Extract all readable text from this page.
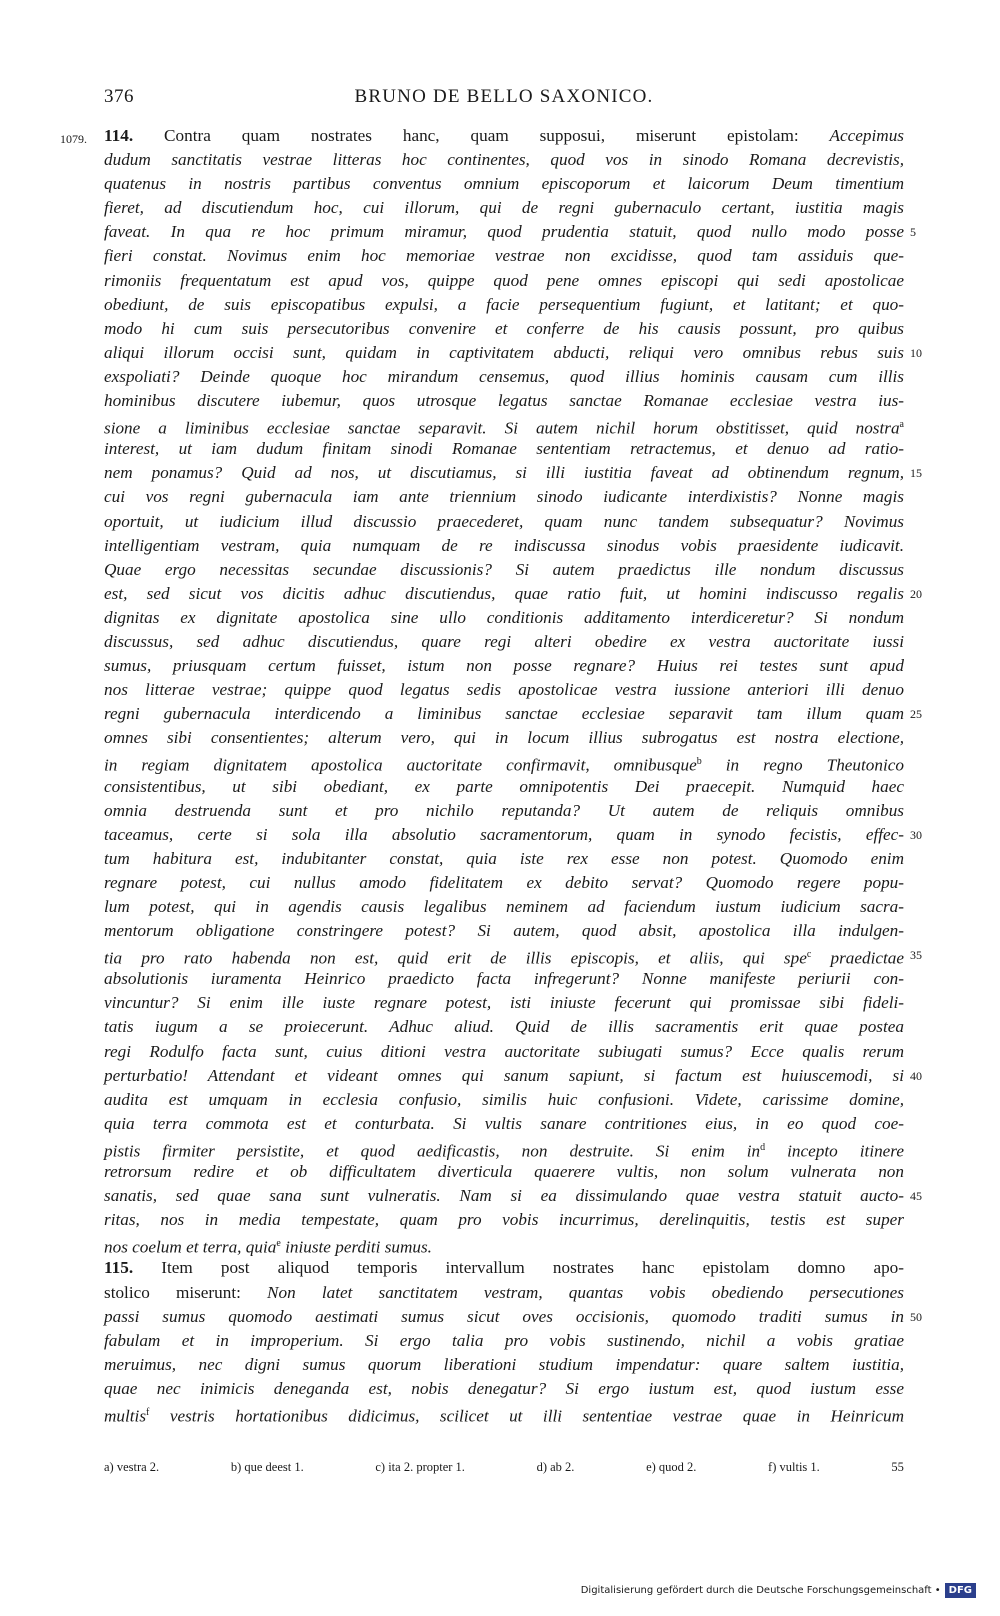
376	BRUNO DE BELLO SAXONICO.
1079. 114. Contra quam nostrates hanc, quam supposui, miserunt epistolam: Accepimus
dudum sanctitatis vestrae litteras hoc continentes, quod vos in sinodo Romana decrevistis,
quatenus in nostris partibus conventus omnium episcoporum et laicorum Deum timentium
fieret, ad discutiendum hoc, cui illorum, qui de regni gubernaculo certant, iustitia magis
faveat. In qua re hoc primum miramur, quod prudentia statuit, quod nullo modo posse 5
fieri constat. Novimus enim hoc memoriae vestrae non excidisse, quod tam assiduis que-
rimoniis frequentatum est apud vos, quippe quod pene omnes episcopi qui sedi apostolicae
obediunt, de suis episcopatibus expulsi, a facie persequentium fugiunt, et latitant; et quo-
modo hi cum suis persecutoribus convenire et conferre de his causis possunt, pro quibus
aliqui illorum occisi sunt, quidam in captivitatem abducti, reliqui vero omnibus rebus suis 10
exspoliati? Deinde quoque hoc mirandum censemus, quod illius hominis causam cum illis
hominibus discutere iubemur, quos utrosque legatus sanctae Romanae ecclesiae vestra ius-
sione a liminibus ecclesiae sanctae separavit. Si autem nichil horum obstitisset, quid nostra$^a$
interest, ut iam dudum finitam sinodi Romanae sententiam retractemus, et denuo ad ratio-
nem ponamus? Quid ad nos, ut discutiamus, si illi iustitia faveat ad obtinendum regnum, 15
cui vos regni gubernacula iam ante triennium sinodo iudicante interdixistis? Nonne magis
oportuit, ut iudicium illud discussio praecederet, quam nunc tandem subsequatur? Novimus
intelligentiam vestram, quia numquam de re indiscussa sinodus vobis praesidente iudicavit.
Quae ergo necessitas secundae discussionis? Si autem praedictus ille nondum discussus
est, sed sicut vos dicitis adhuc discutiendus, quae ratio fuit, ut homini indiscusso regalis 20
dignitas ex dignitate apostolica sine ullo conditionis additamento interdiceretur? Si nondum
discussus, sed adhuc discutiendus, quare regi alteri obedire ex vestra auctoritate iussi
sumus, priusquam certum fuisset, istum non posse regnare? Huius rei testes sunt apud
nos litterae vestrae; quippe quod legatus sedis apostolicae vestra iussione anteriori illi denuo
regni gubernacula interdicendo a liminibus sanctae ecclesiae separavit tam illum quam 25
omnes sibi consentientes; alterum vero, qui in locum illius subrogatus est nostra electione,
in regiam dignitatem apostolica auctoritate confirmavit, omnibusque$^b$ in regno Theutonico
consistentibus, ut sibi obediant, ex parte omnipotentis Dei praecepit. Numquid haec
omnia destruenda sunt et pro nichilo reputanda? Ut autem de reliquis omnibus
taceamus, certe si sola illa absolutio sacramentorum, quam in synodo fecistis, effec- 30
tum habitura est, indubitanter constat, quia iste rex esse non potest. Quomodo enim
regnare potest, cui nullus amodo fidelitatem ex debito servat? Quomodo regere popu-
lum potest, qui in agendis causis legalibus neminem ad faciendum iustum iudicium sacra-
mentorum obligatione constringere potest? Si autem, quod absit, apostolica illa indulgen-
tia pro rato habenda non est, quid erit de illis episcopis, et aliis, qui spe$^c$ praedictae 35
absolutionis iuramenta Heinrico praedicto facta infregerunt? Nonne manifeste periurii con-
vincuntur? Si enim ille iuste regnare potest, isti iniuste fecerunt qui promissae sibi fideli-
tatis iugum a se proiecerunt. Adhuc aliud. Quid de illis sacramentis erit quae postea
regi Rodulfo facta sunt, cuius ditioni vestra auctoritate subiugati sumus? Ecce qualis rerum
perturbatio! Attendant et videant omnes qui sanum sapiunt, si factum est huiuscemodi, si 40
audita est umquam in ecclesia confusio, similis huic confusioni. Videte, carissime domine,
quia terra commota est et conturbata. Si vultis sanare contritiones eius, in eo quod coe-
pistis firmiter persistite, et quod aedificastis, non destruite. Si enim $in^d$ incepto itinere
retrorsum redire et ob difficultatem diverticula quaerere vultis, non solum vulnerata non
sanatis, sed quae sana sunt vulneratis. Nam si ea dissimulando quae vestra statuit aucto- 45
ritas, nos in media tempestate, quam pro vobis incurrimus, derelinquitis, testis est super
nos coelum et terra, quia$^e$ iniuste perditi sumus.
115. Item post aliquod temporis intervallum nostrates hanc epistolam domno apo-
stolico miserunt: Non latet sanctitatem vestram, quantas vobis obediendo persecutiones
passi sumus quomodo aestimati sumus sicut oves occisionis, quomodo traditi sumus in 50
fabulam et in improperium. Si ergo talia pro vobis sustinendo, nichil a vobis gratiae
meruimus, nec digni sumus quorum liberationi studium impendatur: quare saltem iustitia,
quae nec inimicis deneganda est, nobis denegatur? Si ergo iustum est, quod iustum esse
multis$^f$ vestris hortationibus didicimus, scilicet ut illi sententiae vestrae quae in Heinricum
a) vestra 2.	b) que deest 1.	c) ita 2. propter 1.	d) ab 2.	e) quod 2.	f) vultis 1.	55
Digitalisierung gefördert durch die Deutsche Forschungsgemeinschaft • DFG
